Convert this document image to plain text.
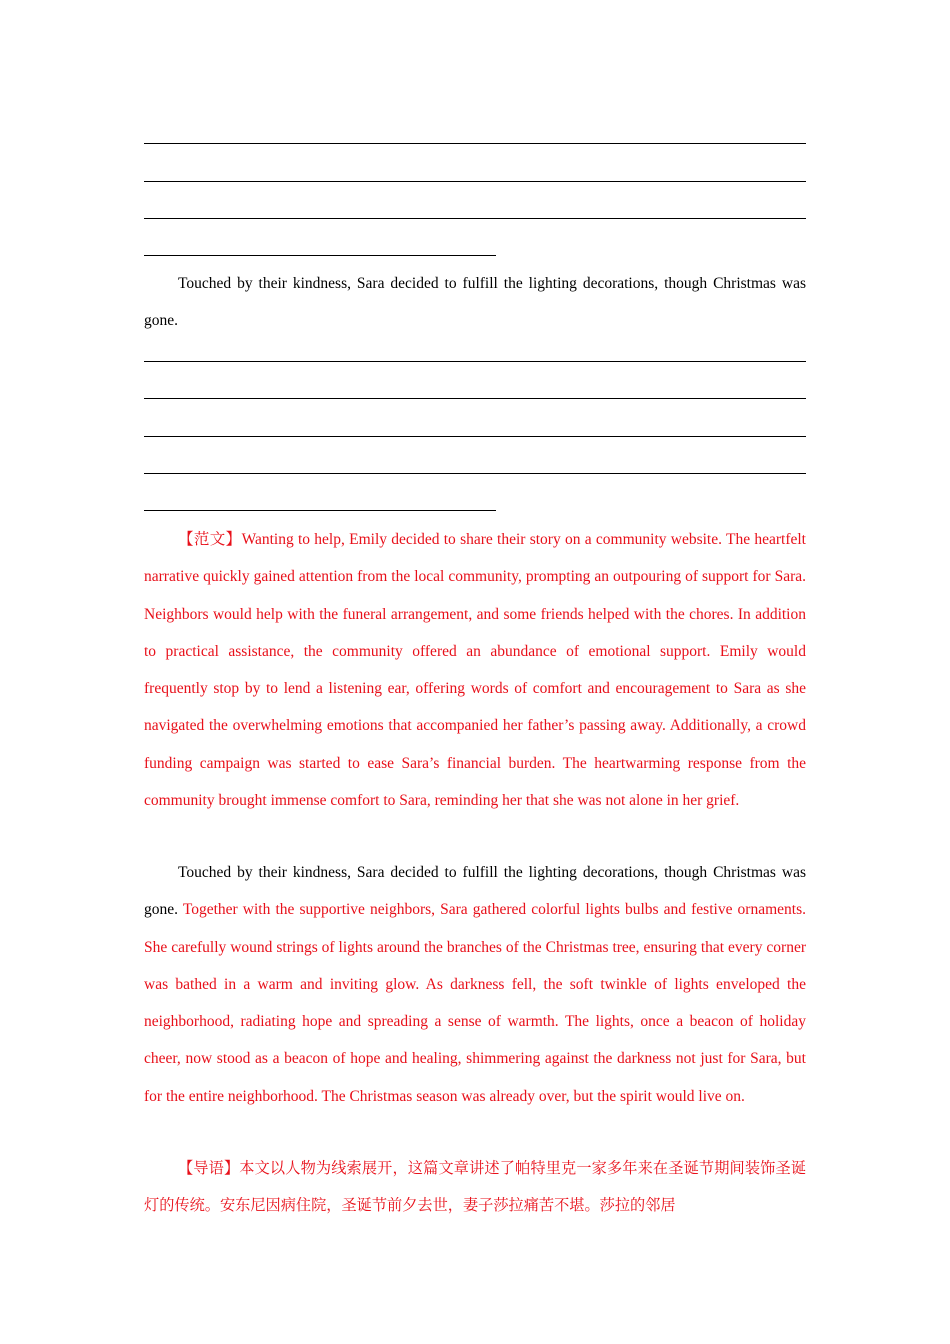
Touched by their kindness, Sara decided to fulfill the lighting decorations, though Christmas was gone.

【范文】Wanting to help, Emily decided to share their story on a community website. The heartfelt narrative quickly gained attention from the local community, prompting an outpouring of support for Sara. Neighbors would help with the funeral arrangement, and some friends helped with the chores. In addition to practical assistance, the community offered an abundance of emotional support. Emily would frequently stop by to lend a listening ear, offering words of comfort and encouragement to Sara as she navigated the overwhelming emotions that accompanied her father’s passing away. Additionally, a crowd funding campaign was started to ease Sara’s financial burden. The heartwarming response from the community brought immense comfort to Sara, reminding her that she was not alone in her grief.

Touched by their kindness, Sara decided to fulfill the lighting decorations, though Christmas was gone. Together with the supportive neighbors, Sara gathered colorful lights bulbs and festive ornaments. She carefully wound strings of lights around the branches of the Christmas tree, ensuring that every corner was bathed in a warm and inviting glow. As darkness fell, the soft twinkle of lights enveloped the neighborhood, radiating hope and spreading a sense of warmth. The lights, once a beacon of holiday cheer, now stood as a beacon of hope and healing, shimmering against the darkness not just for Sara, but for the entire neighborhood. The Christmas season was already over, but the spirit would live on.

【导语】本文以人物为线索展开，这篇文章讲述了帕特里克一家多年来在圣诞节期间装饰圣诞灯的传统。安东尼因病住院，圣诞节前夕去世，妻子莎拉痛苦不堪。莎拉的邻居
